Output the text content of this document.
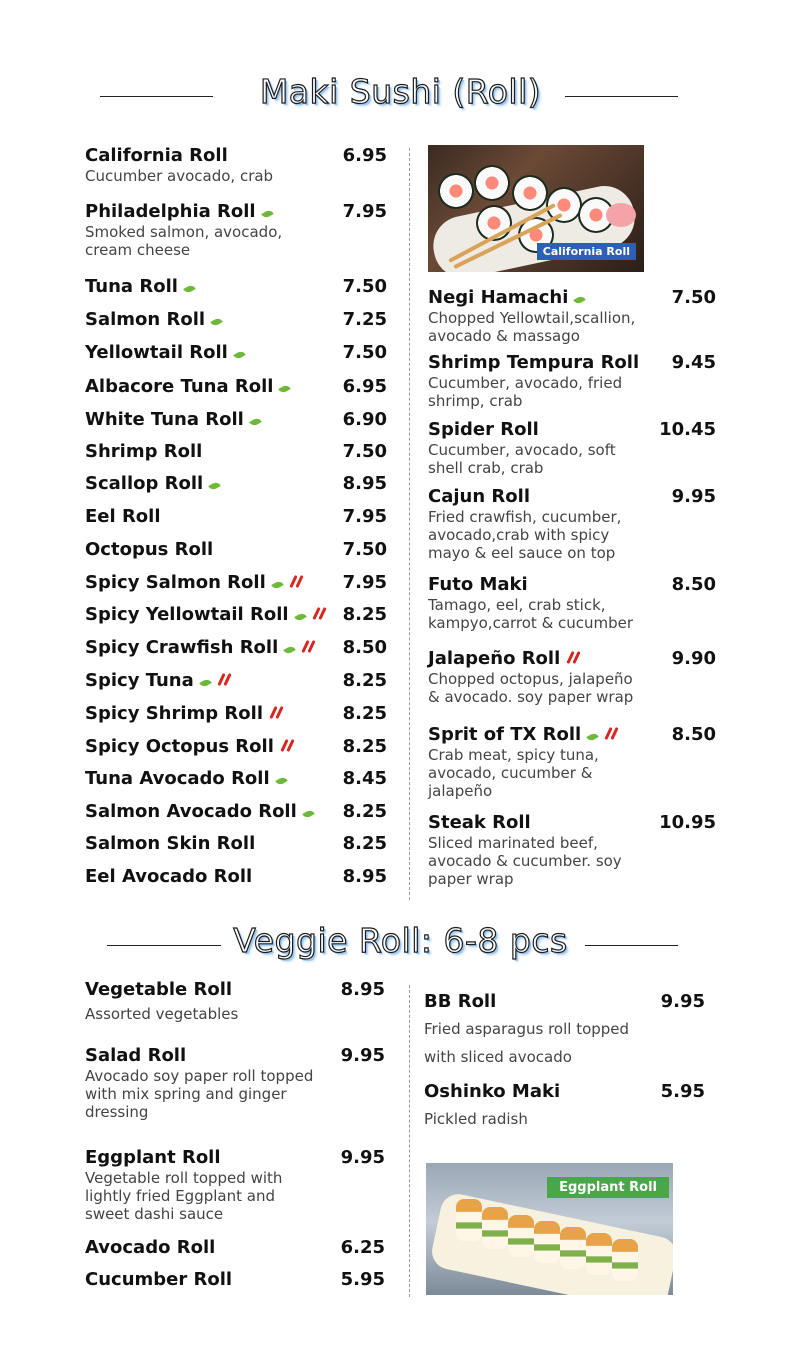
Maki Sushi (Roll)
California Roll
Cucumber avocado, crab
6.95
Philadelphia Roll
Smoked salmon, avocado,
cream cheese
7.95
Tuna Roll	7.50
Salmon Roll	7.25
Yellowtail Roll	7.50
Albacore Tuna Roll	6.95
White Tuna Roll	6.90
Shrimp Roll	7.50
Scallop Roll	8.95
Eel Roll	7.95
Octopus Roll	7.50
Spicy Salmon Roll	7.95
Spicy Yellowtail Roll	8.25
Spicy Crawfish Roll	8.50
Spicy Tuna	8.25
Spicy Shrimp Roll	8.25
Spicy Octopus Roll	8.25
Tuna Avocado Roll	8.45
Salmon Avocado Roll	8.25
Salmon Skin Roll	8.25
Eel Avocado Roll	8.95
Negi Hamachi
Chopped Yellowtail,scallion,
avocado & massago
7.50
Shrimp Tempura Roll
Cucumber, avocado, fried
shrimp, crab
9.45
Spider Roll
Cucumber, avocado, soft
shell crab, crab
10.45
Cajun Roll
Fried crawfish, cucumber,
avocado,crab with spicy
mayo & eel sauce on top
9.95
Futo Maki
Tamago, eel, crab stick,
kampyo,carrot & cucumber
8.50
Jalapeño Roll
Chopped octopus, jalapeño
& avocado. soy paper wrap
9.90
Sprit of TX Roll
Crab meat, spicy tuna,
avocado, cucumber &
jalapeño
8.50
Steak Roll
Sliced marinated beef,
avocado & cucumber. soy
paper wrap
10.95
California Roll
Veggie Roll: 6-8 pcs
Vegetable Roll
Assorted vegetables
8.95
Salad Roll
Avocado soy paper roll topped
with mix spring and ginger
dressing
9.95
Eggplant Roll
Vegetable roll topped with
lightly fried Eggplant and
sweet dashi sauce
9.95
Avocado Roll	6.25
Cucumber Roll	5.95
BB Roll
Fried asparagus roll topped
with sliced avocado
9.95
Oshinko Maki
Pickled radish
5.95
Eggplant Roll
